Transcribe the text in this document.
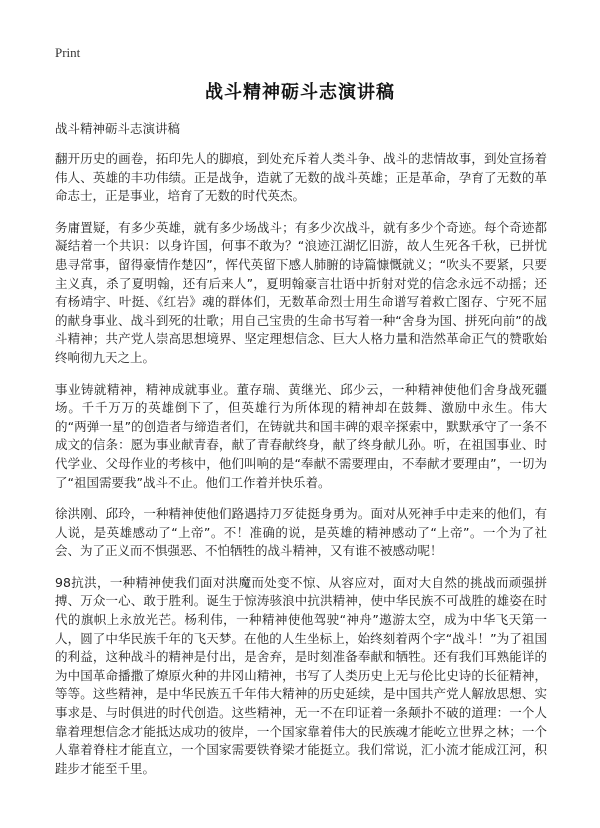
Print
战斗精神砺斗志演讲稿
战斗精神砺斗志演讲稿

翻开历史的画卷，拓印先人的脚痕，到处充斥着人类斗争、战斗的悲情故事，到处宣扬着伟人、英雄的丰功伟绩。正是战争，造就了无数的战斗英雄；正是革命，孕育了无数的革命志士，正是事业，培育了无数的时代英杰。

务庸置疑，有多少英雄，就有多少场战斗；有多少次战斗，就有多少个奇迹。每个奇迹都凝结着一个共识：以身许国，何事不敢为？“浪迹江湖忆旧游，故人生死各千秋，已拼忧患寻常事，留得豪情作楚囚”，恽代英留下感人肺腑的诗篇慷慨就义；“吹头不要紧，只要主义真，杀了夏明翰，还有后来人”，夏明翰豪言壮语中折射对党的信念永远不动摇；还有杨靖宇、叶挺、《红岩》魂的群体们，无数革命烈士用生命谱写着救亡图存、宁死不屈的献身事业、战斗到死的壮歌；用自己宝贵的生命书写着一种“舍身为国、拼死向前”的战斗精神；共产党人崇高思想境界、坚定理想信念、巨大人格力量和浩然革命正气的赞歌始终响彻九天之上。

事业铸就精神，精神成就事业。董存瑞、黄继光、邱少云，一种精神使他们舍身战死疆场。千千万万的英雄倒下了，但英雄行为所体现的精神却在鼓舞、激励中永生。伟大的“两弹一星”的创造者与缔造者们，在铸就共和国丰碑的艰辛探索中，默默承守了一条不成文的信条：愿为事业献青春，献了青春献终身，献了终身献儿孙。听，在祖国事业、时代学业、父母作业的考核中，他们叫响的是“奉献不需要理由，不奉献才要理由”，一切为了“祖国需要我”战斗不止。他们工作着并快乐着。

徐洪刚、邱玲，一种精神使他们路遇持刀歹徒挺身勇为。面对从死神手中走来的他们，有人说，是英雄感动了“上帝”。不！准确的说，是英雄的精神感动了“上帝”。一个为了社会、为了正义而不惧强恶、不怕牺牲的战斗精神，又有谁不被感动呢！

98抗洪，一种精神使我们面对洪魔而处变不惊、从容应对，面对大自然的挑战而顽强拼搏、万众一心、敢于胜利。诞生于惊涛骇浪中抗洪精神，使中华民族不可战胜的雄姿在时代的旗帜上永放光芒。杨利伟，一种精神使他驾驶“神舟”遨游太空，成为中华飞天第一人，圆了中华民族千年的飞天梦。在他的人生坐标上，始终刻着两个字“战斗！”为了祖国的利益，这种战斗的精神是付出，是舍弃，是时刻准备奉献和牺牲。还有我们耳熟能详的为中国革命播撒了燎原火种的井冈山精神，书写了人类历史上无与伦比史诗的长征精神，等等。这些精神，是中华民族五千年伟大精神的历史延续，是中国共产党人解放思想、实事求是、与时俱进的时代创造。这些精神，无一不在印证着一条颠扑不破的道理：一个人靠着理想信念才能抵达成功的彼岸，一个国家靠着伟大的民族魂才能屹立世界之林；一个人靠着脊柱才能直立，一个国家需要铁脊梁才能挺立。我们常说，汇小流才能成江河，积跬步才能至千里。
